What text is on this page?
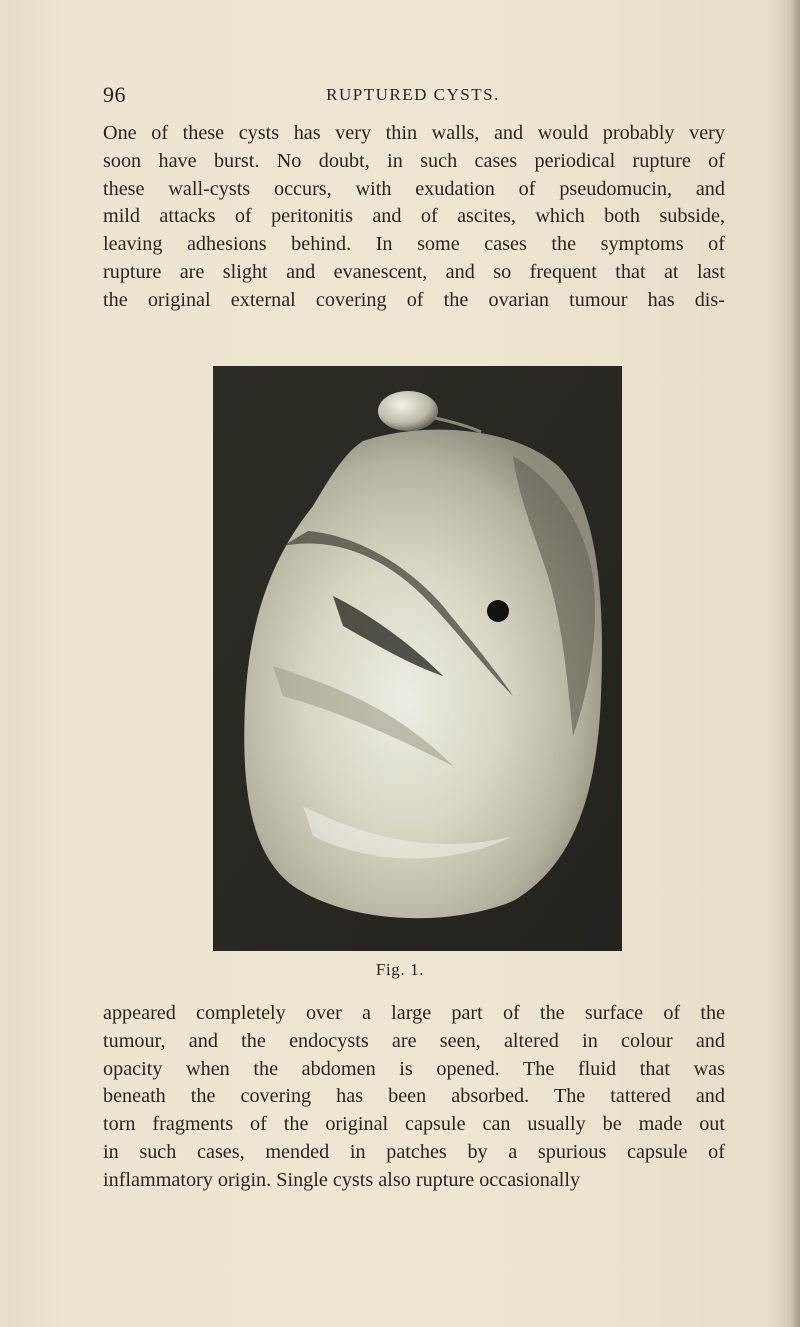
96	RUPTURED CYSTS.

One of these cysts has very thin walls, and would probably very
soon have burst. No doubt, in such cases periodical rupture of
these wall-cysts occurs, with exudation of pseudomucin, and
mild attacks of peritonitis and of ascites, which both subside,
leaving adhesions behind. In some cases the symptoms of
rupture are slight and evanescent, and so frequent that at last
the original external covering of the ovarian tumour has dis-

Fig. 1.

appeared completely over a large part of the surface of the
tumour, and the endocysts are seen, altered in colour and
opacity when the abdomen is opened. The fluid that was
beneath the covering has been absorbed. The tattered and
torn fragments of the original capsule can usually be made out
in such cases, mended in patches by a spurious capsule of
inflammatory origin. Single cysts also rupture occasionally
